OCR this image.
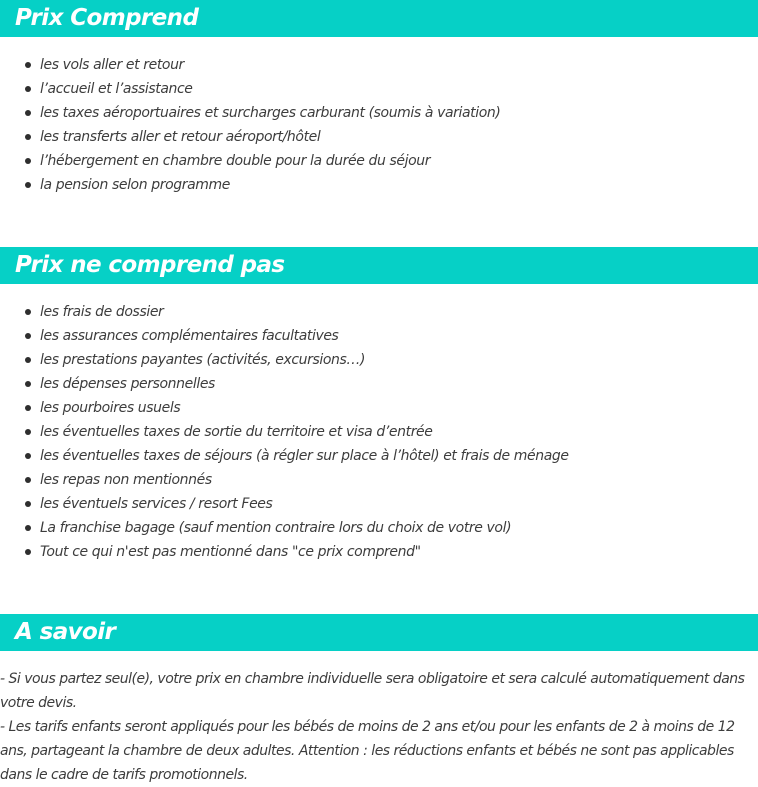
Prix Comprend
les vols aller et retour
l’accueil et l’assistance
les taxes aéroportuaires et surcharges carburant (soumis à variation)
les transferts aller et retour aéroport/hôtel
l’hébergement en chambre double pour la durée du séjour
la pension selon programme
Prix ne comprend pas
les frais de dossier
les assurances complémentaires facultatives
les prestations payantes (activités, excursions…)
les dépenses personnelles
les pourboires usuels
les éventuelles taxes de sortie du territoire et visa d’entrée
les éventuelles taxes de séjours (à régler sur place à l’hôtel) et frais de ménage
les repas non mentionnés
les éventuels services / resort Fees
La franchise bagage (sauf mention contraire lors du choix de votre vol)
Tout ce qui n'est pas mentionné dans "ce prix comprend"
A savoir

- Si vous partez seul(e), votre prix en chambre individuelle sera obligatoire et sera calculé automatiquement dans votre devis.

- Les tarifs enfants seront appliqués pour les bébés de moins de 2 ans et/ou pour les enfants de 2 à moins de 12 ans, partageant la chambre de deux adultes. Attention : les réductions enfants et bébés ne sont pas applicables dans le cadre de tarifs promotionnels.
